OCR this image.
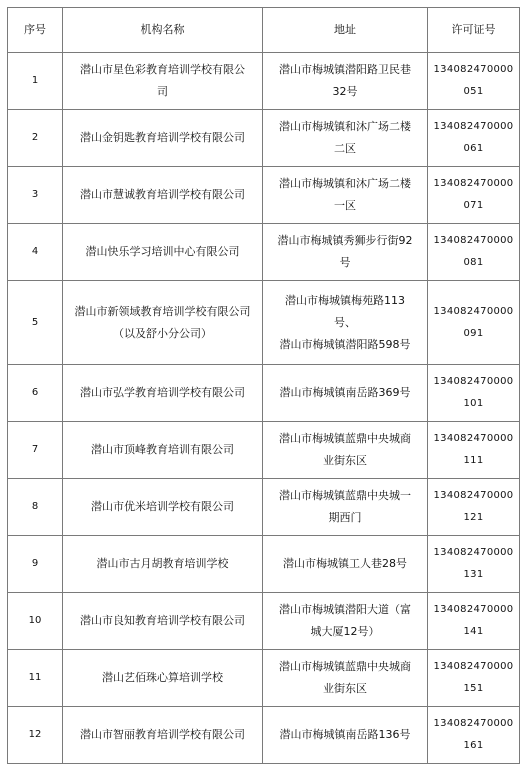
序号	机构名称	地址	许可证号
1	潜山市星色彩教育培训学校有限公
司	潜山市梅城镇潜阳路卫民巷
32号	134082470000
051

2	潜山金钥匙教育培训学校有限公司	潜山市梅城镇和沐广场二楼
二区	134082470000
061

3	潜山市慧诚教育培训学校有限公司	潜山市梅城镇和沐广场二楼
一区	134082470000
071

4	潜山快乐学习培训中心有限公司	潜山市梅城镇秀狮步行街92
号	134082470000
081

5	潜山市新领域教育培训学校有限公司
（以及舒小分公司）	潜山市梅城镇梅苑路113
号、
潜山市梅城镇潜阳路598号	134082470000
091

6	潜山市弘学教育培训学校有限公司	潜山市梅城镇南岳路369号	134082470000
101

7	潜山市顶峰教育培训有限公司	潜山市梅城镇蓝鼎中央城商
业街东区	134082470000
111

8	潜山市优米培训学校有限公司	潜山市梅城镇蓝鼎中央城一
期西门	134082470000
121

9	潜山市古月胡教育培训学校	潜山市梅城镇工人巷28号	134082470000
131

10	潜山市良知教育培训学校有限公司	潜山市梅城镇潜阳大道（富
城大厦12号）	134082470000
141

11	潜山艺佰珠心算培训学校	潜山市梅城镇蓝鼎中央城商
业街东区	134082470000
151

12	潜山市智丽教育培训学校有限公司	潜山市梅城镇南岳路136号	134082470000
161
